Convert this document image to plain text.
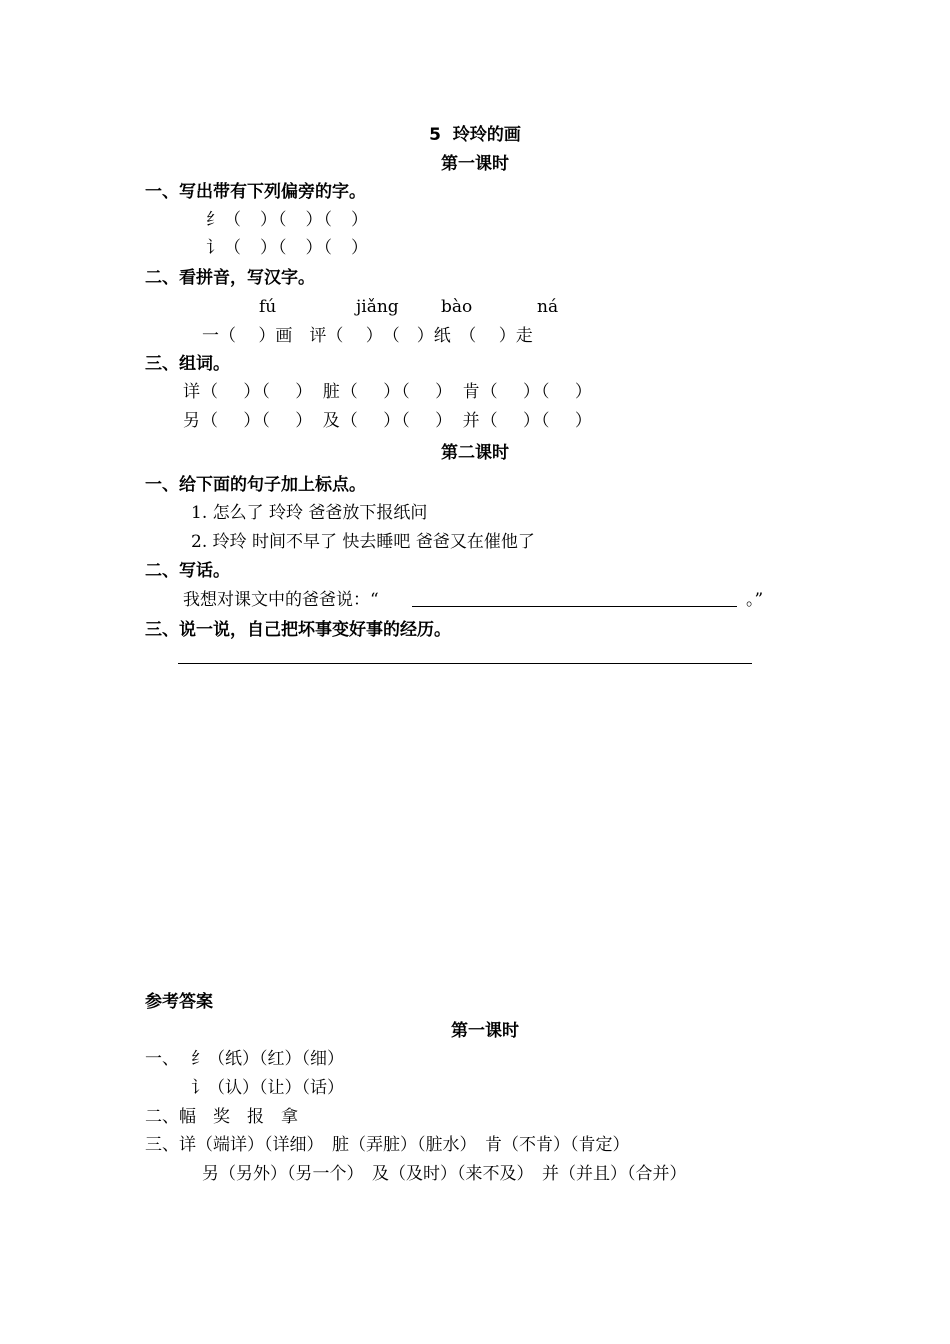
5  玲玲的画
第一课时
一、写出带有下列偏旁的字。
纟（　）（　）（　）
讠（　）（　）（　）
二、看拼音，写汉字。
fú	jiǎng bào	ná
一（　 ）画　评（　 ）　（　）纸　（　 ）走
三、组词。
详（　 ）（　 ）　脏（　 ）（　 ）　肯（　 ）（　 ）
另（　 ）（　 ）　及（　 ）（　 ）　并（　 ）（　 ）
第二课时
一、给下面的句子加上标点。
1. 怎么了 玲玲 爸爸放下报纸问
2. 玲玲 时间不早了 快去睡吧 爸爸又在催他了
二、写话。
我想对课文中的爸爸说：“	。”
三、说一说，自己把坏事变好事的经历。
参考答案
第一课时
一、 纟（纸）（红）（细）
讠（认）（让）（话）
二、幅　奖　报　拿
三、详（端详）（详细）　脏（弄脏）（脏水）　肯（不肯）（肯定）
另（另外）（另一个）　及（及时）（来不及）　并（并且）（合并）
